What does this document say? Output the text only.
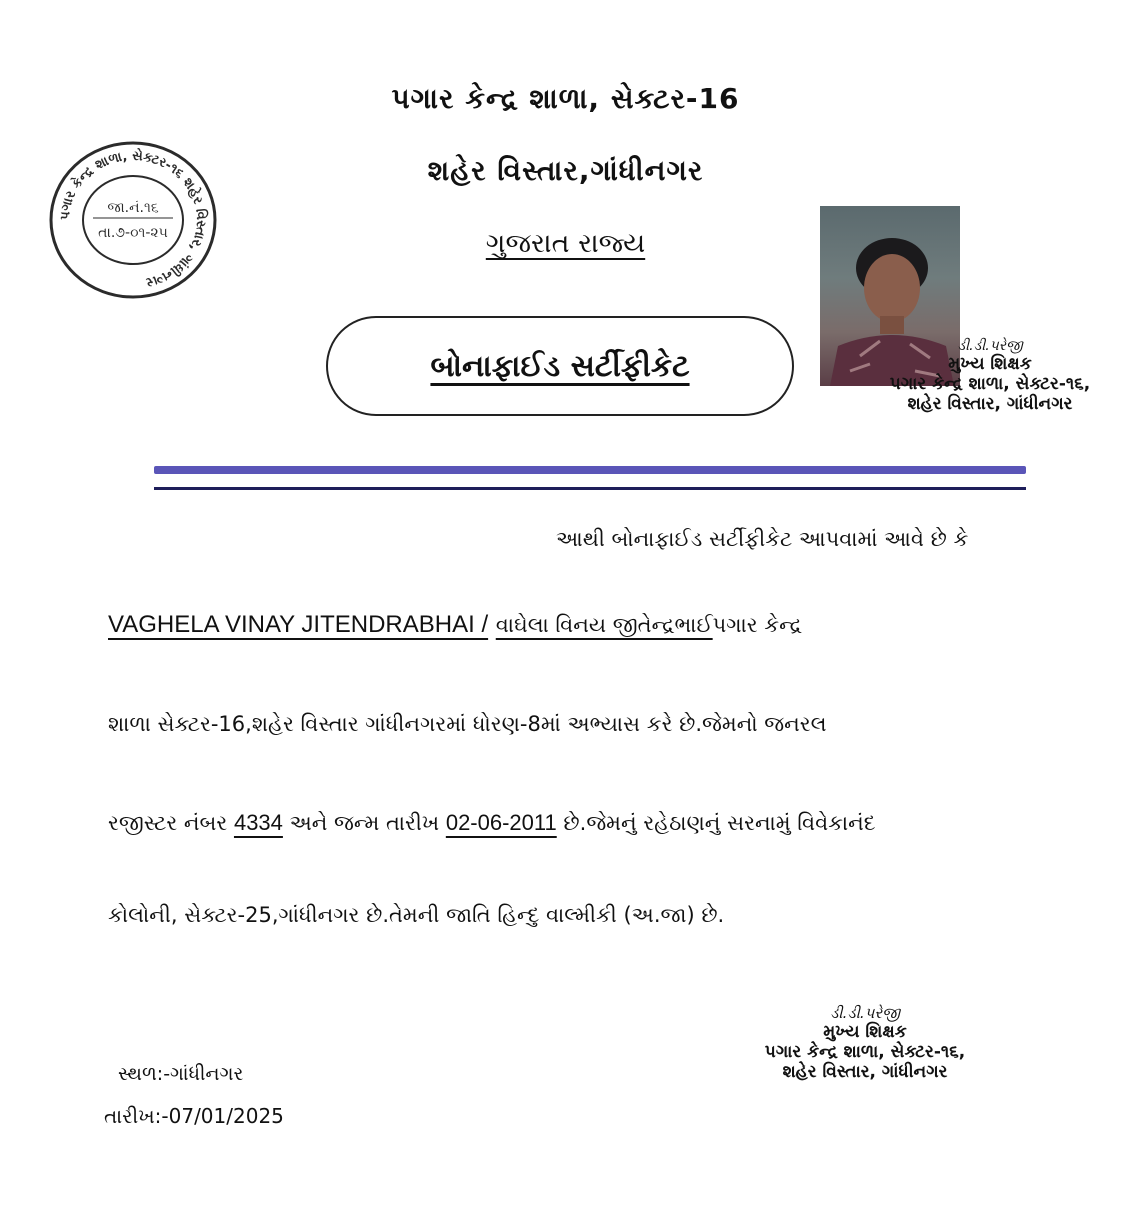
પગાર કેન્દ્ર શાળા, સેક્ટર-16
શહેર વિસ્તાર,ગાંધીનગર
ગુજરાત રાજ્ય
પગાર કેન્દ્ર શાળા, સેક્ટર-૧૬ શહેર વિસ્તાર, ગાંધીનગર
જા.નં.૧૬
તા.૭-૦૧-૨૫
ડી.ડી.પરેજી
મુખ્ય શિક્ષક
પગાર કેન્દ્ર શાળા, સેક્ટર-૧૬,
શહેર વિસ્તાર, ગાંધીનગર
બોનાફાઈડ સર્ટીફીકેટ
આથી બોનાફાઈડ સર્ટીફીકેટ આપવામાં આવે છે કે
VAGHELA VINAY JITENDRABHAI / વાઘેલા વિનય જીતેન્દ્રભાઈપગાર કેન્દ્ર
શાળા સેક્ટર-16,શહેર વિસ્તાર ગાંધીનગરમાં ધોરણ-8માં અભ્યાસ કરે છે.જેમનો જનરલ
રજીસ્ટર નંબર 4334 અને જન્મ તારીખ 02-06-2011 છે.જેમનું રહેઠાણનું સરનામું વિવેકાનંદ
કોલોની, સેક્ટર-25,ગાંધીનગર છે.તેમની જાતિ હિન્દુ વાલ્મીકી (અ.જા) છે.
ડી.ડી.પરેજી
મુખ્ય શિક્ષક
પગાર કેન્દ્ર શાળા, સેક્ટર-૧૬,
શહેર વિસ્તાર, ગાંધીનગર
સ્થળ:-ગાંધીનગર
તારીખ:-07/01/2025
